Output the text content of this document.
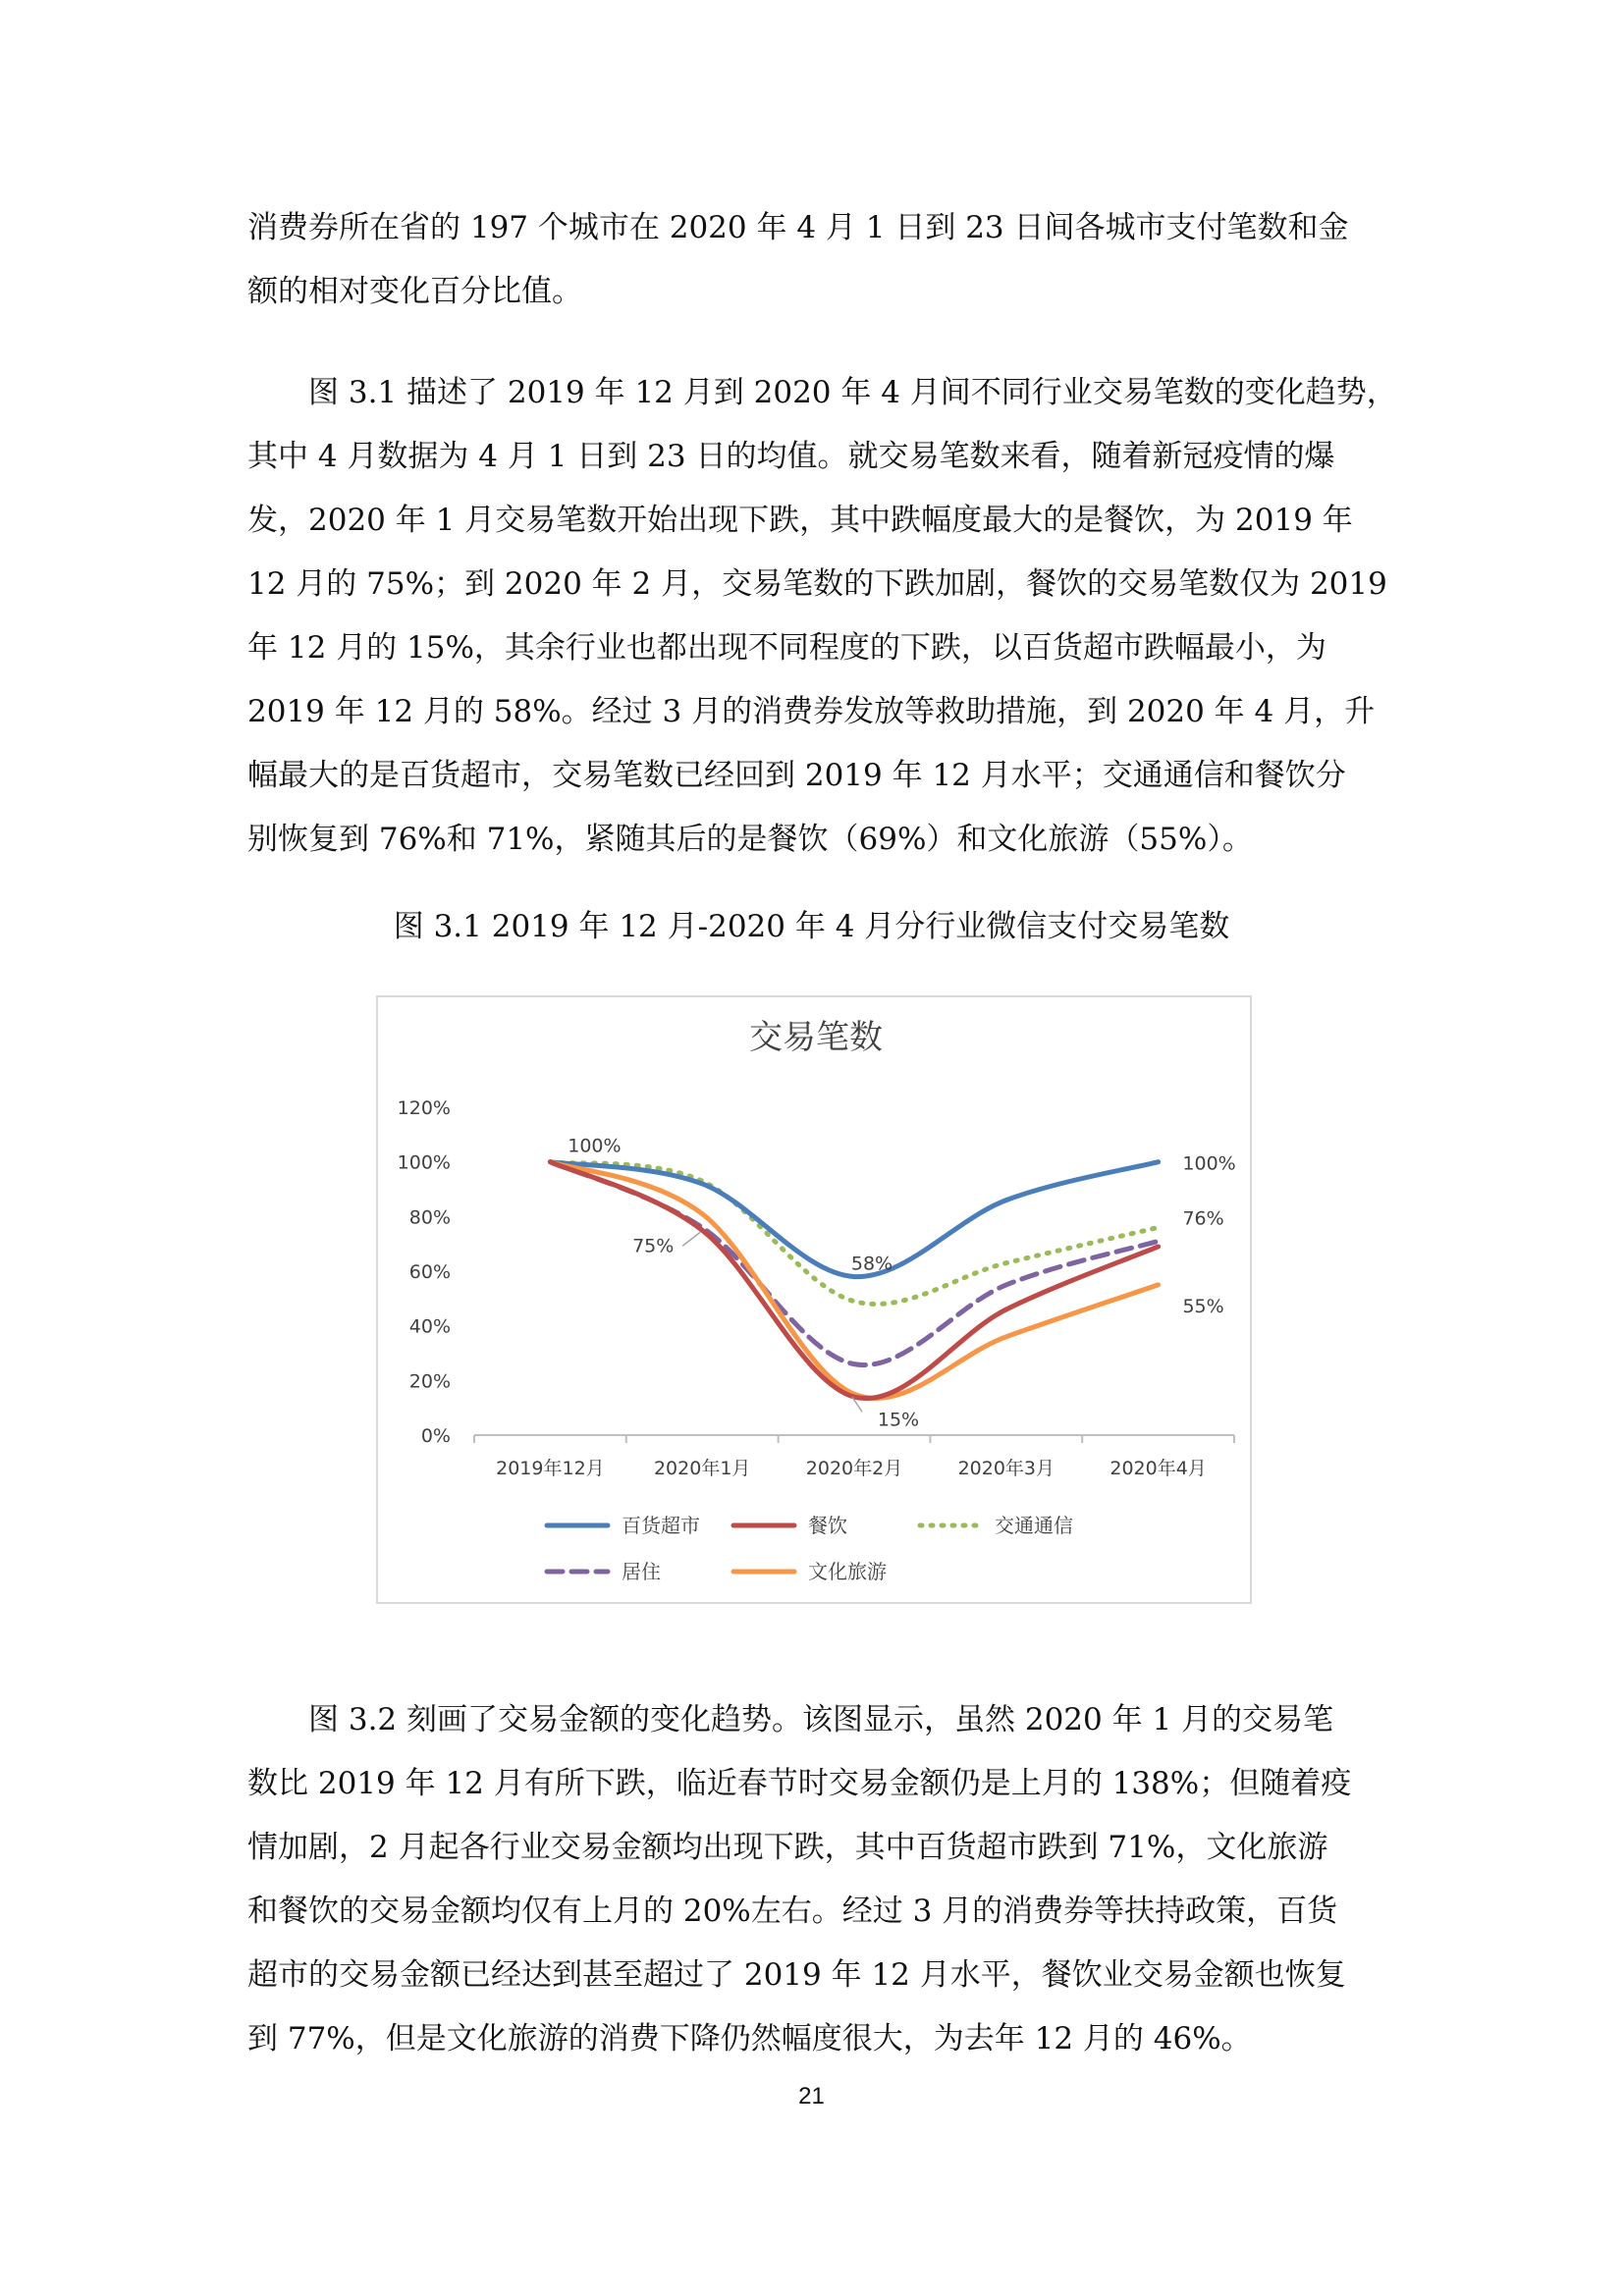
消费券所在省的 197 个城市在 2020 年 4 月 1 日到 23 日间各城市支付笔数和金
额的相对变化百分比值。
　　图 3.1 描述了 2019 年 12 月到 2020 年 4 月间不同行业交易笔数的变化趋势，
其中 4 月数据为 4 月 1 日到 23 日的均值。就交易笔数来看，随着新冠疫情的爆
发，2020 年 1 月交易笔数开始出现下跌，其中跌幅度最大的是餐饮，为 2019 年
12 月的 75%；到 2020 年 2 月，交易笔数的下跌加剧，餐饮的交易笔数仅为 2019
年 12 月的 15%，其余行业也都出现不同程度的下跌，以百货超市跌幅最小，为
2019 年 12 月的 58%。经过 3 月的消费券发放等救助措施，到 2020 年 4 月，升
幅最大的是百货超市，交易笔数已经回到 2019 年 12 月水平；交通通信和餐饮分
别恢复到 76%和 71%，紧随其后的是餐饮（69%）和文化旅游（55%）。
图 3.1 2019 年 12 月-2020 年 4 月分行业微信支付交易笔数
交易笔数
0%
20%
40%
60%
80%
100%
120%
2019年12月	2020年1月	2020年2月	2020年3月	2020年4月
100%
75%
58%
15%
100%
76%
55%
百货超市	餐饮	交通通信
居住	文化旅游
　　图 3.2 刻画了交易金额的变化趋势。该图显示，虽然 2020 年 1 月的交易笔
数比 2019 年 12 月有所下跌，临近春节时交易金额仍是上月的 138%；但随着疫
情加剧，2 月起各行业交易金额均出现下跌，其中百货超市跌到 71%，文化旅游
和餐饮的交易金额均仅有上月的 20%左右。经过 3 月的消费券等扶持政策，百货
超市的交易金额已经达到甚至超过了 2019 年 12 月水平，餐饮业交易金额也恢复
到 77%，但是文化旅游的消费下降仍然幅度很大，为去年 12 月的 46%。
21
